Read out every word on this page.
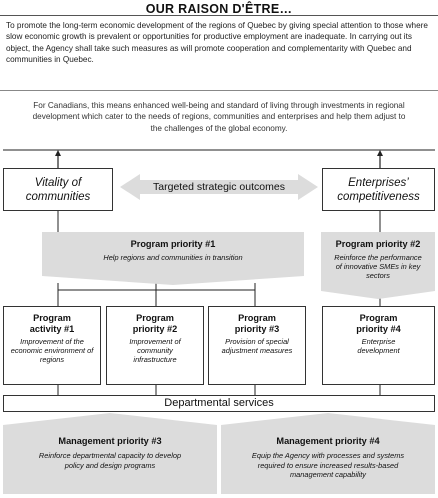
OUR RAISON D'ÊTRE…
To promote the long-term economic development of the regions of Quebec by giving special attention to those where slow economic growth is prevalent or opportunities for productive employment are inadequate. In carrying out its object, the Agency shall take such measures as will promote cooperation and complementarity with Quebec and communities in Quebec.
For Canadians, this means enhanced well-being and standard of living through investments in regional development which cater to the needs of regions, communities and enterprises and help them adjust to the challenges of the global economy.
Vitality of communities
Enterprises’ competitiveness
Targeted strategic outcomes
Program priority #1
Help regions and communities in transition
Program priority #2
Reinforce the performance of innovative SMEs in key sectors
Program activity #1
Improvement of the economic environment of regions
Program priority #2
Improvement of community infrastructure
Program priority #3
Provision of special adjustment measures
Program priority #4
Enterprise development
Departmental services
Management priority #3
Reinforce departmental capacity to develop policy and design programs
Management priority #4
Equip the Agency with processes and systems required to ensure increased results-based management capability
